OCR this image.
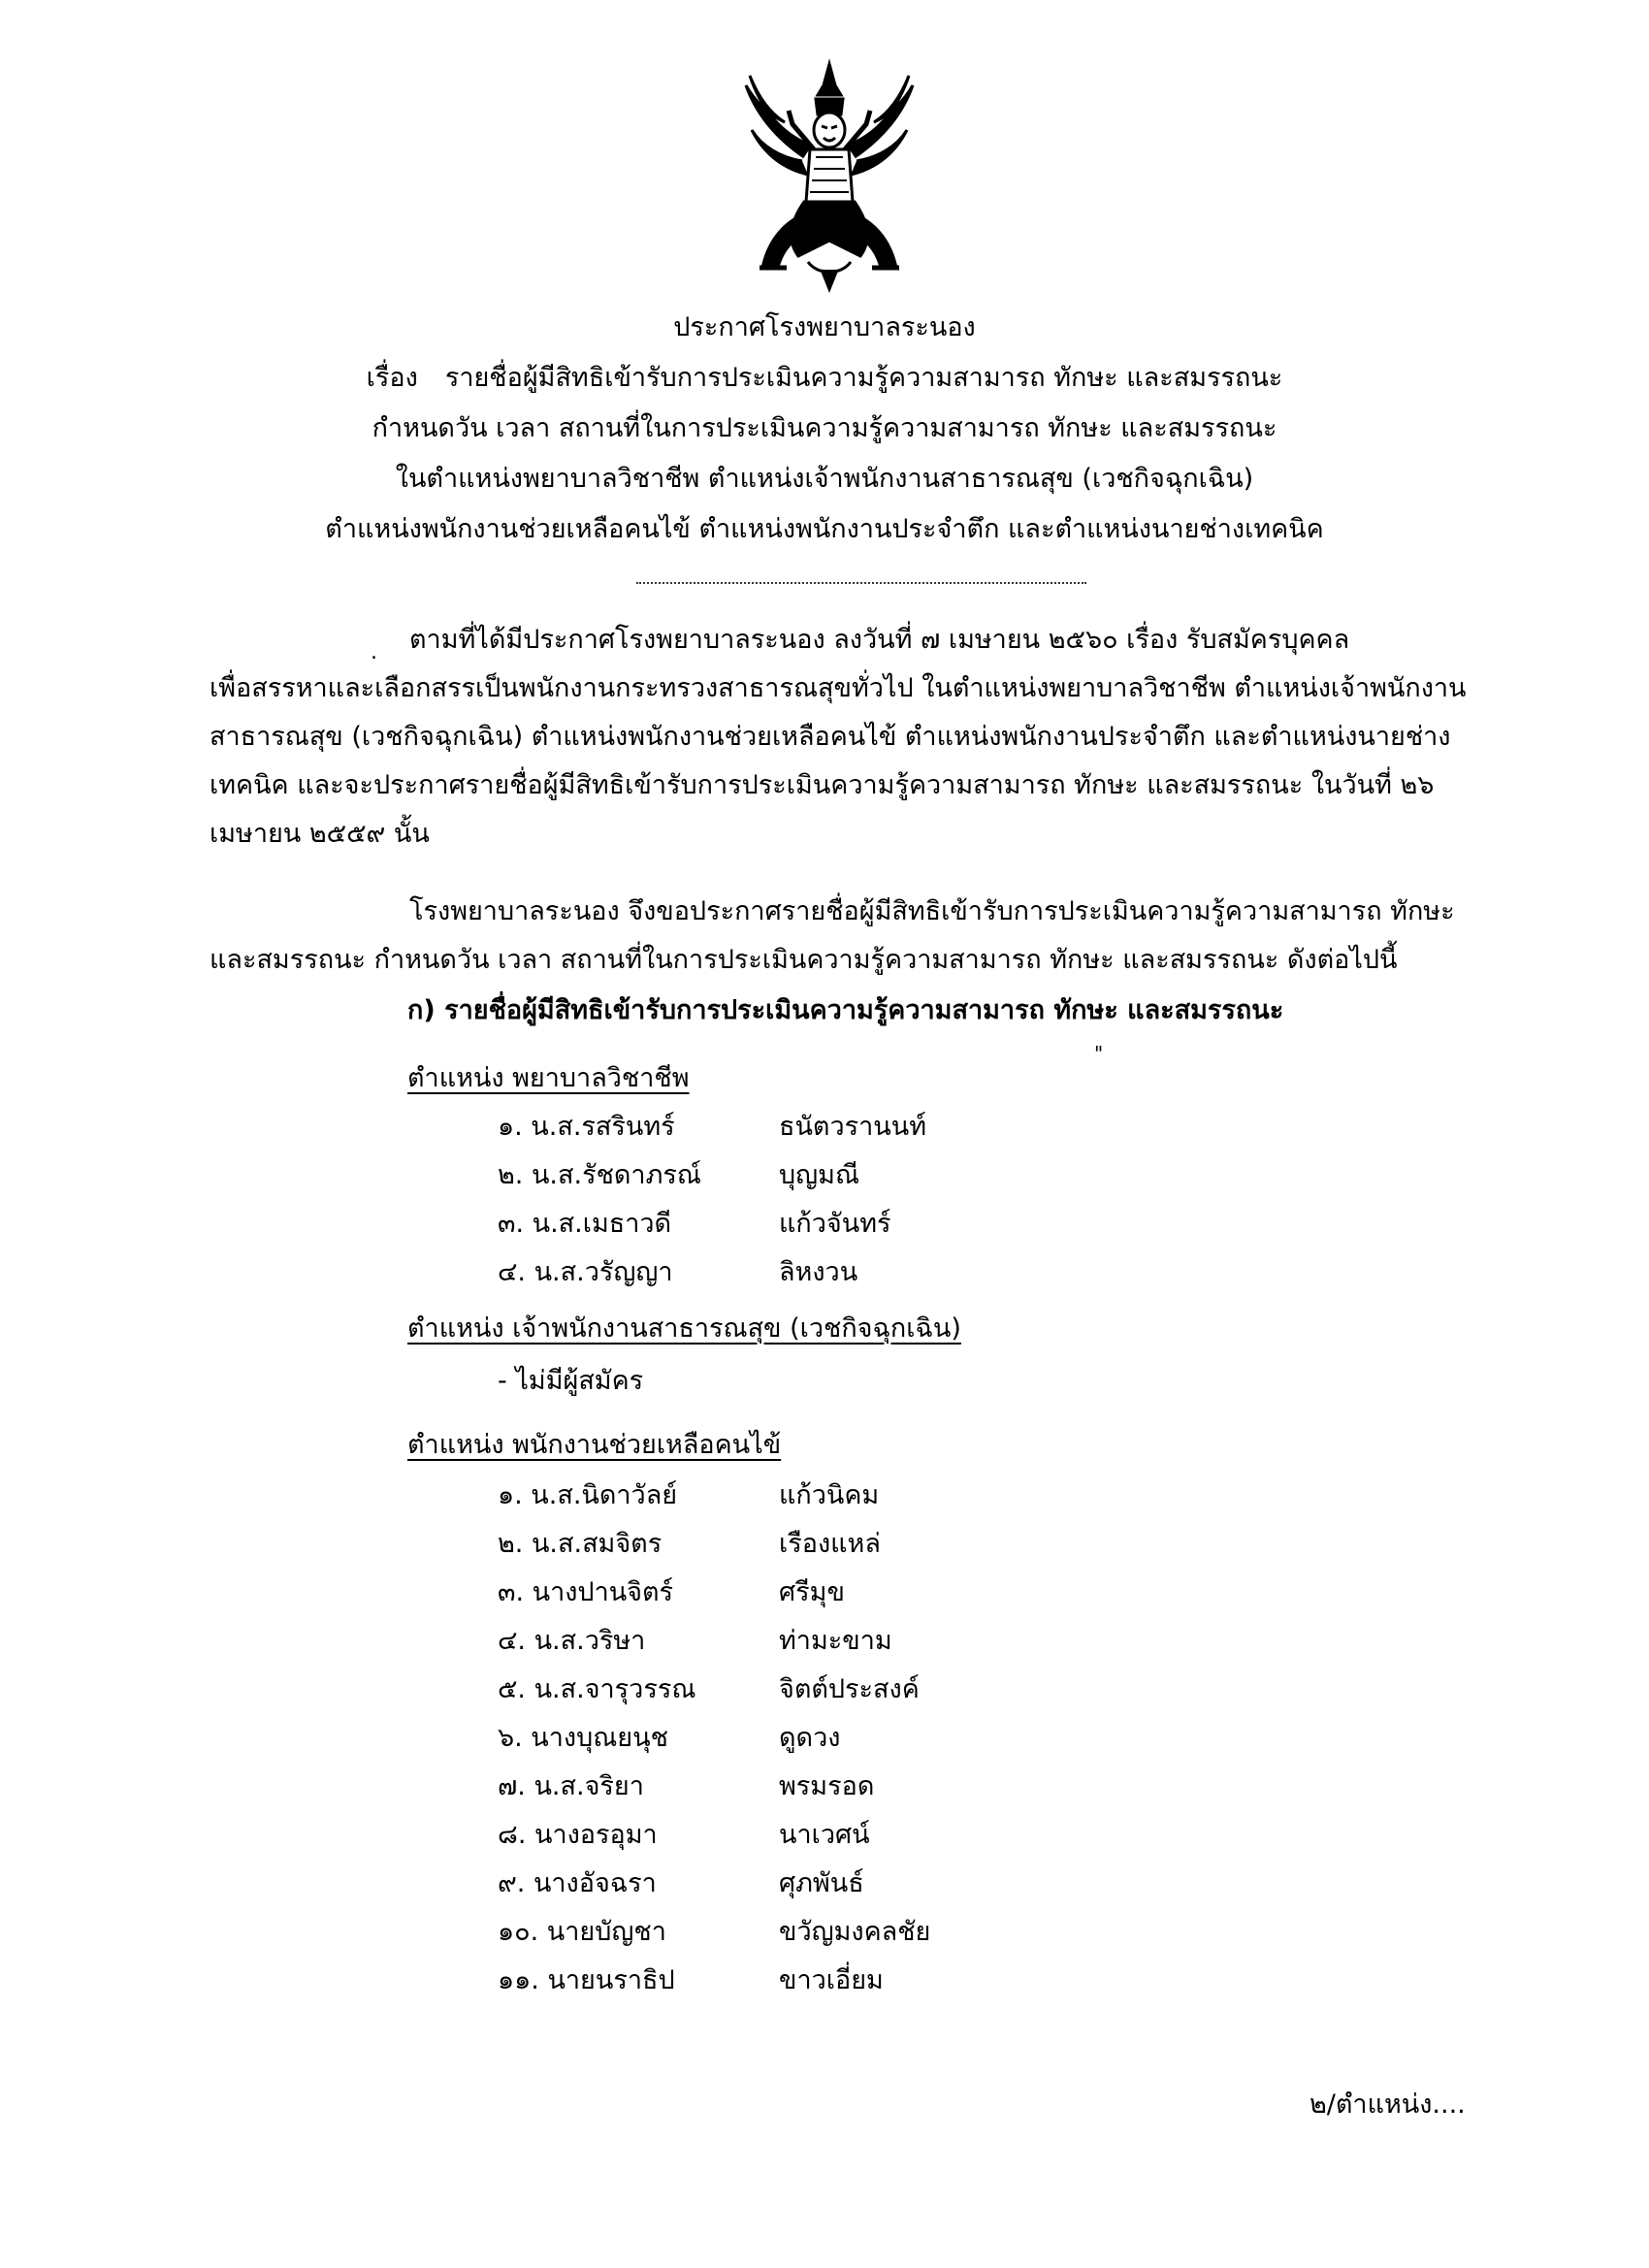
ประกาศโรงพยาบาลระนอง
เรื่อง รายชื่อผู้มีสิทธิเข้ารับการประเมินความรู้ความสามารถ ทักษะ และสมรรถนะ
กำหนดวัน เวลา สถานที่ในการประเมินความรู้ความสามารถ ทักษะ และสมรรถนะ
ในตำแหน่งพยาบาลวิชาชีพ ตำแหน่งเจ้าพนักงานสาธารณสุข (เวชกิจฉุกเฉิน)
ตำแหน่งพนักงานช่วยเหลือคนไข้ ตำแหน่งพนักงานประจำตึก และตำแหน่งนายช่างเทคนิค
. ตามที่ได้มีประกาศโรงพยาบาลระนอง ลงวันที่ ๗ เมษายน ๒๕๖๐ เรื่อง รับสมัครบุคคล
เพื่อสรรหาและเลือกสรรเป็นพนักงานกระทรวงสาธารณสุขทั่วไป ในตำแหน่งพยาบาลวิชาชีพ ตำแหน่งเจ้าพนักงาน
สาธารณสุข (เวชกิจฉุกเฉิน) ตำแหน่งพนักงานช่วยเหลือคนไข้ ตำแหน่งพนักงานประจำตึก และตำแหน่งนายช่าง
เทคนิค และจะประกาศรายชื่อผู้มีสิทธิเข้ารับการประเมินความรู้ความสามารถ ทักษะ และสมรรถนะ ในวันที่ ๒๖
เมษายน ๒๕๕๙ นั้น
โรงพยาบาลระนอง จึงขอประกาศรายชื่อผู้มีสิทธิเข้ารับการประเมินความรู้ความสามารถ ทักษะ
และสมรรถนะ กำหนดวัน เวลา สถานที่ในการประเมินความรู้ความสามารถ ทักษะ และสมรรถนะ ดังต่อไปนี้
ก) รายชื่อผู้มีสิทธิเข้ารับการประเมินความรู้ความสามารถ ทักษะ และสมรรถนะ
"
ตำแหน่ง พยาบาลวิชาชีพ
๑. น.ส.รสรินทร์	ธนัตวรานนท์
๒. น.ส.รัชดาภรณ์	บุญมณี
๓. น.ส.เมธาวดี	แก้วจันทร์
๔. น.ส.วรัญญา	ลิหงวน
ตำแหน่ง เจ้าพนักงานสาธารณสุข (เวชกิจฉุกเฉิน)
- ไม่มีผู้สมัคร
ตำแหน่ง พนักงานช่วยเหลือคนไข้
๑. น.ส.นิดาวัลย์	แก้วนิคม
๒. น.ส.สมจิตร	เรืองแหล่
๓. นางปานจิตร์	ศรีมุข
๔. น.ส.วริษา	ท่ามะขาม
๕. น.ส.จารุวรรณ	จิตต์ประสงค์
๖. นางบุณยนุช	ดูดวง
๗. น.ส.จริยา	พรมรอด
๘. นางอรอุมา	นาเวศน์
๙. นางอัจฉรา	ศุภพันธ์
๑๐. นายบัญชา	ขวัญมงคลชัย
๑๑. นายนราธิป	ขาวเอี่ยม
๒/ตำแหน่ง....
